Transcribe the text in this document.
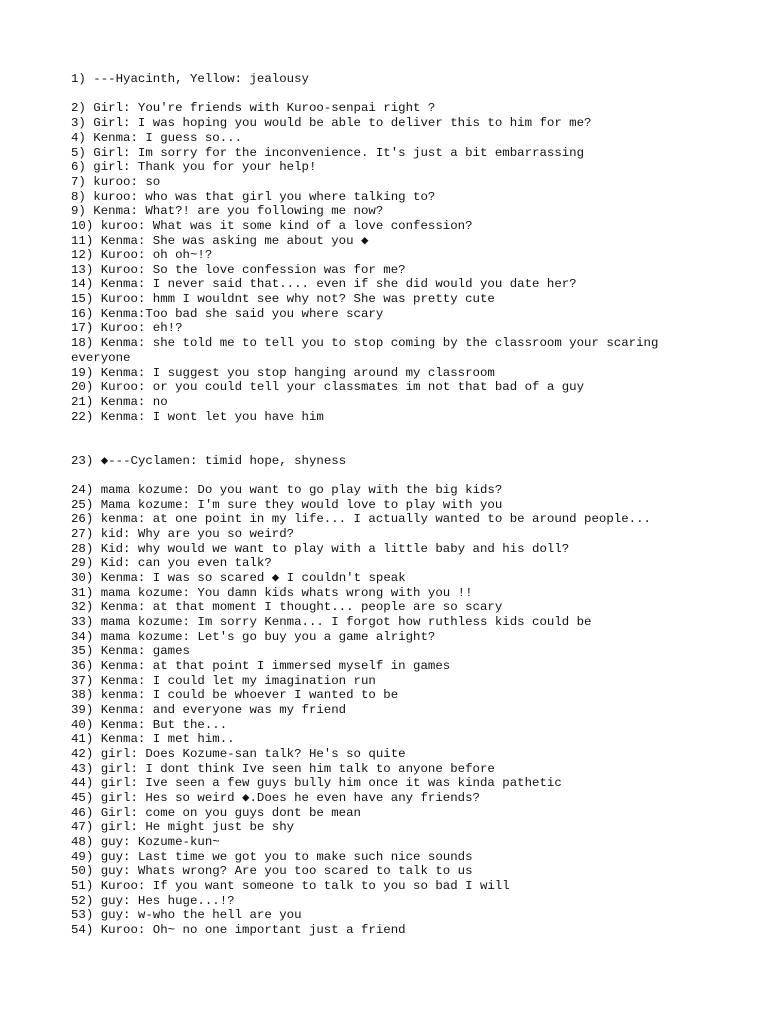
1) ---Hyacinth, Yellow: jealousy
2) Girl: You're friends with Kuroo-senpai right ?
3) Girl: I was hoping you would be able to deliver this to him for me?
4) Kenma: I guess so...
5) Girl: Im sorry for the inconvenience. It's just a bit embarrassing
6) girl: Thank you for your help!
7) kuroo: so
8) kuroo: who was that girl you where talking to?
9) Kenma: What?! are you following me now?
10) kuroo: What was it some kind of a love confession?
11) Kenma: She was asking me about you ◆
12) Kuroo: oh oh~!?
13) Kuroo: So the love confession was for me?
14) Kenma: I never said that.... even if she did would you date her?
15) Kuroo: hmm I wouldnt see why not? She was pretty cute
16) Kenma:Too bad she said you where scary
17) Kuroo: eh!?
18) Kenma: she told me to tell you to stop coming by the classroom your scaring
everyone
19) Kenma: I suggest you stop hanging around my classroom
20) Kuroo: or you could tell your classmates im not that bad of a guy
21) Kenma: no
22) Kenma: I wont let you have him
23) ◆---Cyclamen: timid hope, shyness
24) mama kozume: Do you want to go play with the big kids?
25) Mama kozume: I'm sure they would love to play with you
26) kenma: at one point in my life... I actually wanted to be around people...
27) kid: Why are you so weird?
28) Kid: why would we want to play with a little baby and his doll?
29) Kid: can you even talk?
30) Kenma: I was so scared ◆ I couldn't speak
31) mama kozume: You damn kids whats wrong with you !!
32) Kenma: at that moment I thought... people are so scary
33) mama kozume: Im sorry Kenma... I forgot how ruthless kids could be
34) mama kozume: Let's go buy you a game alright?
35) Kenma: games
36) Kenma: at that point I immersed myself in games
37) Kenma: I could let my imagination run
38) kenma: I could be whoever I wanted to be
39) Kenma: and everyone was my friend
40) Kenma: But the...
41) Kenma: I met him..
42) girl: Does Kozume-san talk? He's so quite
43) girl: I dont think Ive seen him talk to anyone before
44) girl: Ive seen a few guys bully him once it was kinda pathetic
45) girl: Hes so weird ◆.Does he even have any friends?
46) Girl: come on you guys dont be mean
47) girl: He might just be shy
48) guy: Kozume-kun~
49) guy: Last time we got you to make such nice sounds
50) guy: Whats wrong? Are you too scared to talk to us
51) Kuroo: If you want someone to talk to you so bad I will
52) guy: Hes huge...!?
53) guy: w-who the hell are you
54) Kuroo: Oh~ no one important just a friend
